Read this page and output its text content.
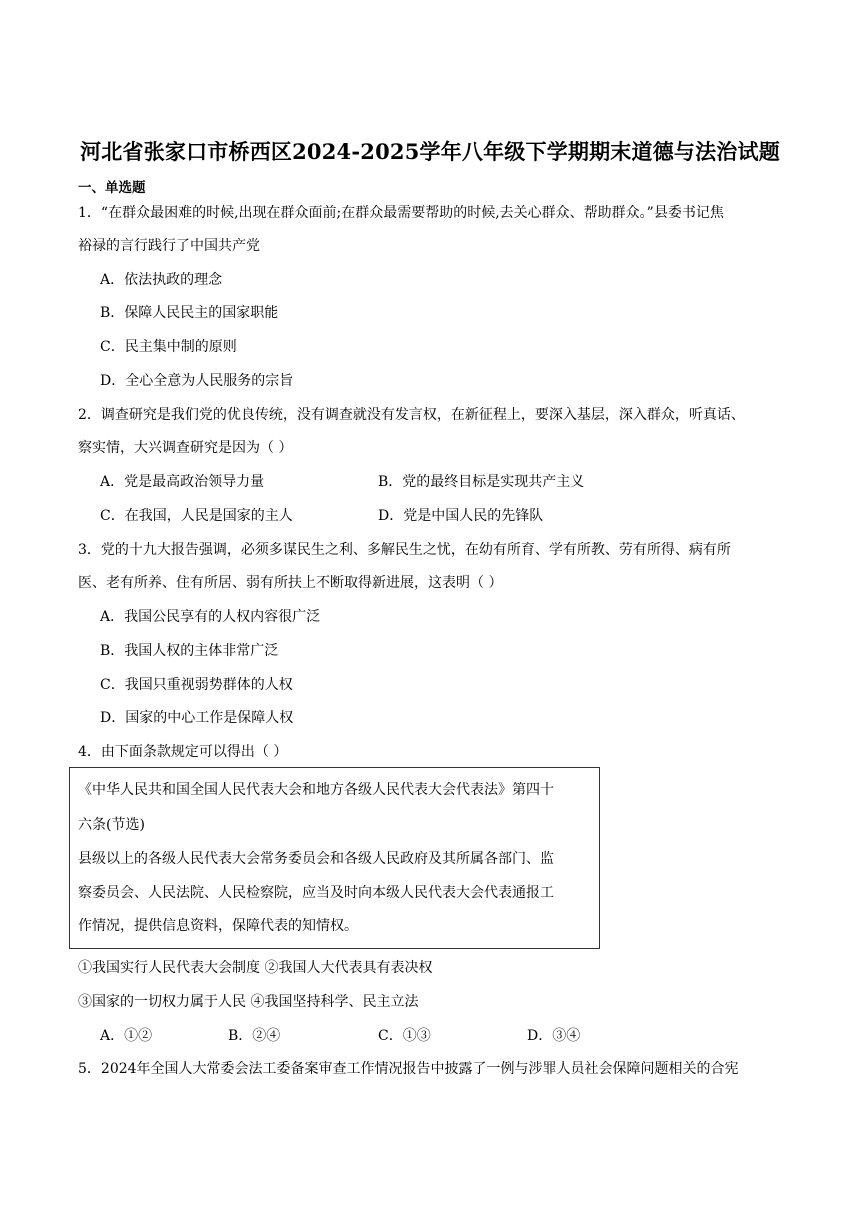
河北省张家口市桥西区2024-2025学年八年级下学期期末道德与法治试题
一、单选题
1．“在群众最困难的时候,出现在群众面前;在群众最需要帮助的时候,去关心群众、帮助群众。”县委书记焦
裕禄的言行践行了中国共产党
A．依法执政的理念
B．保障人民民主的国家职能
C．民主集中制的原则
D．全心全意为人民服务的宗旨
2．调查研究是我们党的优良传统，没有调查就没有发言权，在新征程上，要深入基层，深入群众，听真话、
察实情，大兴调查研究是因为（ ）
A．党是最高政治领导力量	B．党的最终目标是实现共产主义
C．在我国，人民是国家的主人	D．党是中国人民的先锋队
3．党的十九大报告强调，必须多谋民生之利、多解民生之忧，在幼有所育、学有所教、劳有所得、病有所
医、老有所养、住有所居、弱有所扶上不断取得新进展，这表明（ ）
A．我国公民享有的人权内容很广泛
B．我国人权的主体非常广泛
C．我国只重视弱势群体的人权
D．国家的中心工作是保障人权
4．由下面条款规定可以得出（ ）
《中华人民共和国全国人民代表大会和地方各级人民代表大会代表法》第四十
六条(节选)
县级以上的各级人民代表大会常务委员会和各级人民政府及其所属各部门、监
察委员会、人民法院、人民检察院，应当及时向本级人民代表大会代表通报工
作情况，提供信息资料，保障代表的知情权。
①我国实行人民代表大会制度 ②我国人大代表具有表决权
③国家的一切权力属于人民 ④我国坚持科学、民主立法
A．①②	B．②④	C．①③	D．③④
5．2024年全国人大常委会法工委备案审查工作情况报告中披露了一例与涉罪人员社会保障问题相关的合宪
